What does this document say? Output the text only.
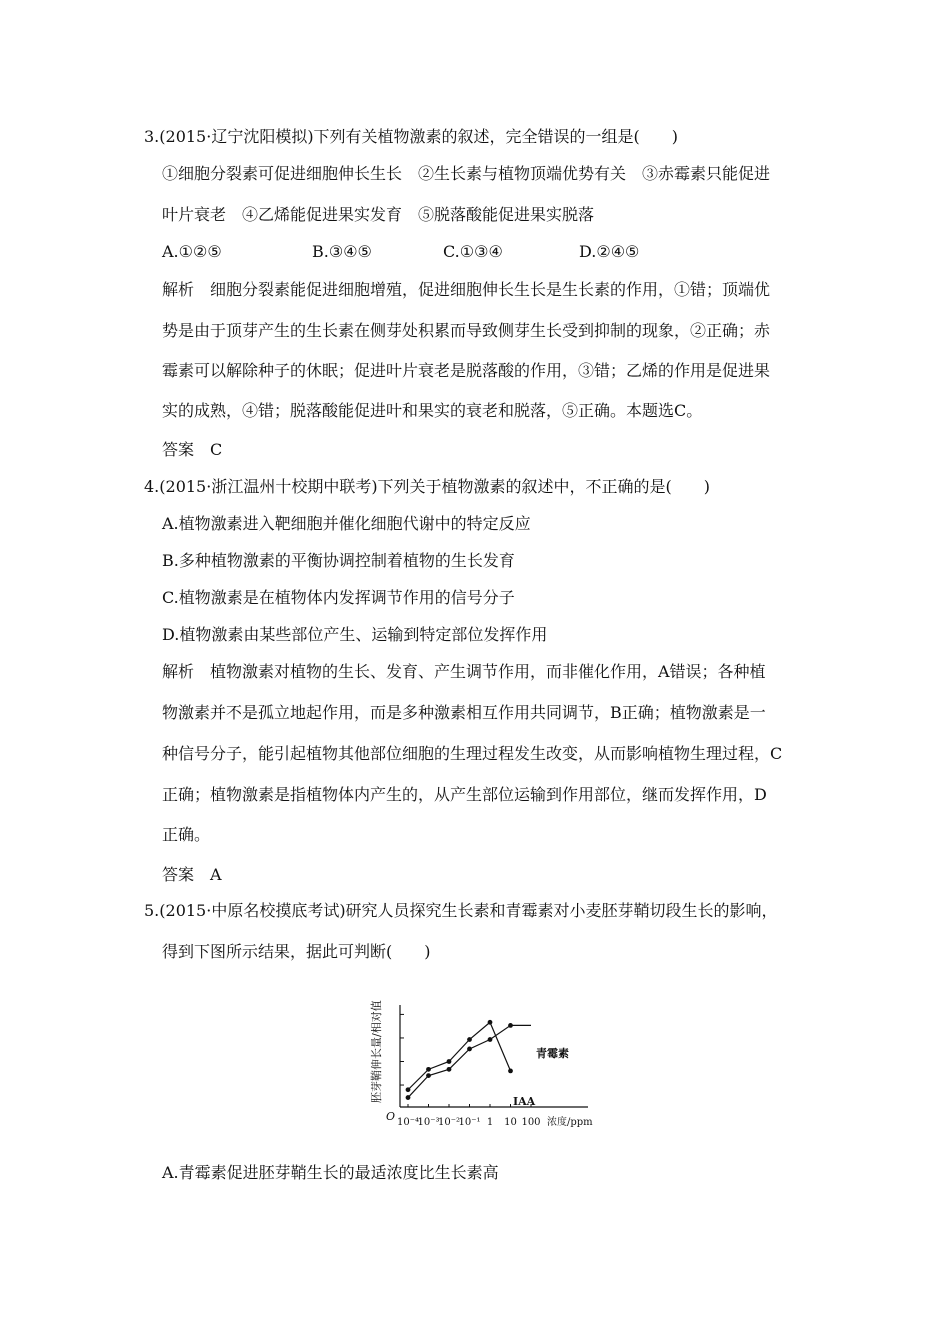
3.(2015·辽宁沈阳模拟)下列有关植物激素的叙述，完全错误的一组是(　　)
①细胞分裂素可促进细胞伸长生长　②生长素与植物顶端优势有关　③赤霉素只能促进
叶片衰老　④乙烯能促进果实发育　⑤脱落酸能促进果实脱落
A.①②⑤	B.③④⑤	C.①③④	D.②④⑤
解析　细胞分裂素能促进细胞增殖，促进细胞伸长生长是生长素的作用，①错；顶端优
势是由于顶芽产生的生长素在侧芽处积累而导致侧芽生长受到抑制的现象，②正确；赤
霉素可以解除种子的休眠；促进叶片衰老是脱落酸的作用，③错；乙烯的作用是促进果
实的成熟，④错；脱落酸能促进叶和果实的衰老和脱落，⑤正确。本题选C。
答案　C
4.(2015·浙江温州十校期中联考)下列关于植物激素的叙述中，不正确的是(　　)
A.植物激素进入靶细胞并催化细胞代谢中的特定反应
B.多种植物激素的平衡协调控制着植物的生长发育
C.植物激素是在植物体内发挥调节作用的信号分子
D.植物激素由某些部位产生、运输到特定部位发挥作用
解析　植物激素对植物的生长、发育、产生调节作用，而非催化作用，A错误；各种植
物激素并不是孤立地起作用，而是多种激素相互作用共同调节，B正确；植物激素是一
种信号分子，能引起植物其他部位细胞的生理过程发生改变，从而影响植物生理过程，C
正确；植物激素是指植物体内产生的，从产生部位运输到作用部位，继而发挥作用，D
正确。
答案　A
5.(2015·中原名校摸底考试)研究人员探究生长素和青霉素对小麦胚芽鞘切段生长的影响，
得到下图所示结果，据此可判断(　　)
胚芽鞘伸长量/相对值
O	浓度/ppm
10⁻⁴
10⁻³
10⁻²
10⁻¹ 1 10 100
青霉素
IAA
A.青霉素促进胚芽鞘生长的最适浓度比生长素高
